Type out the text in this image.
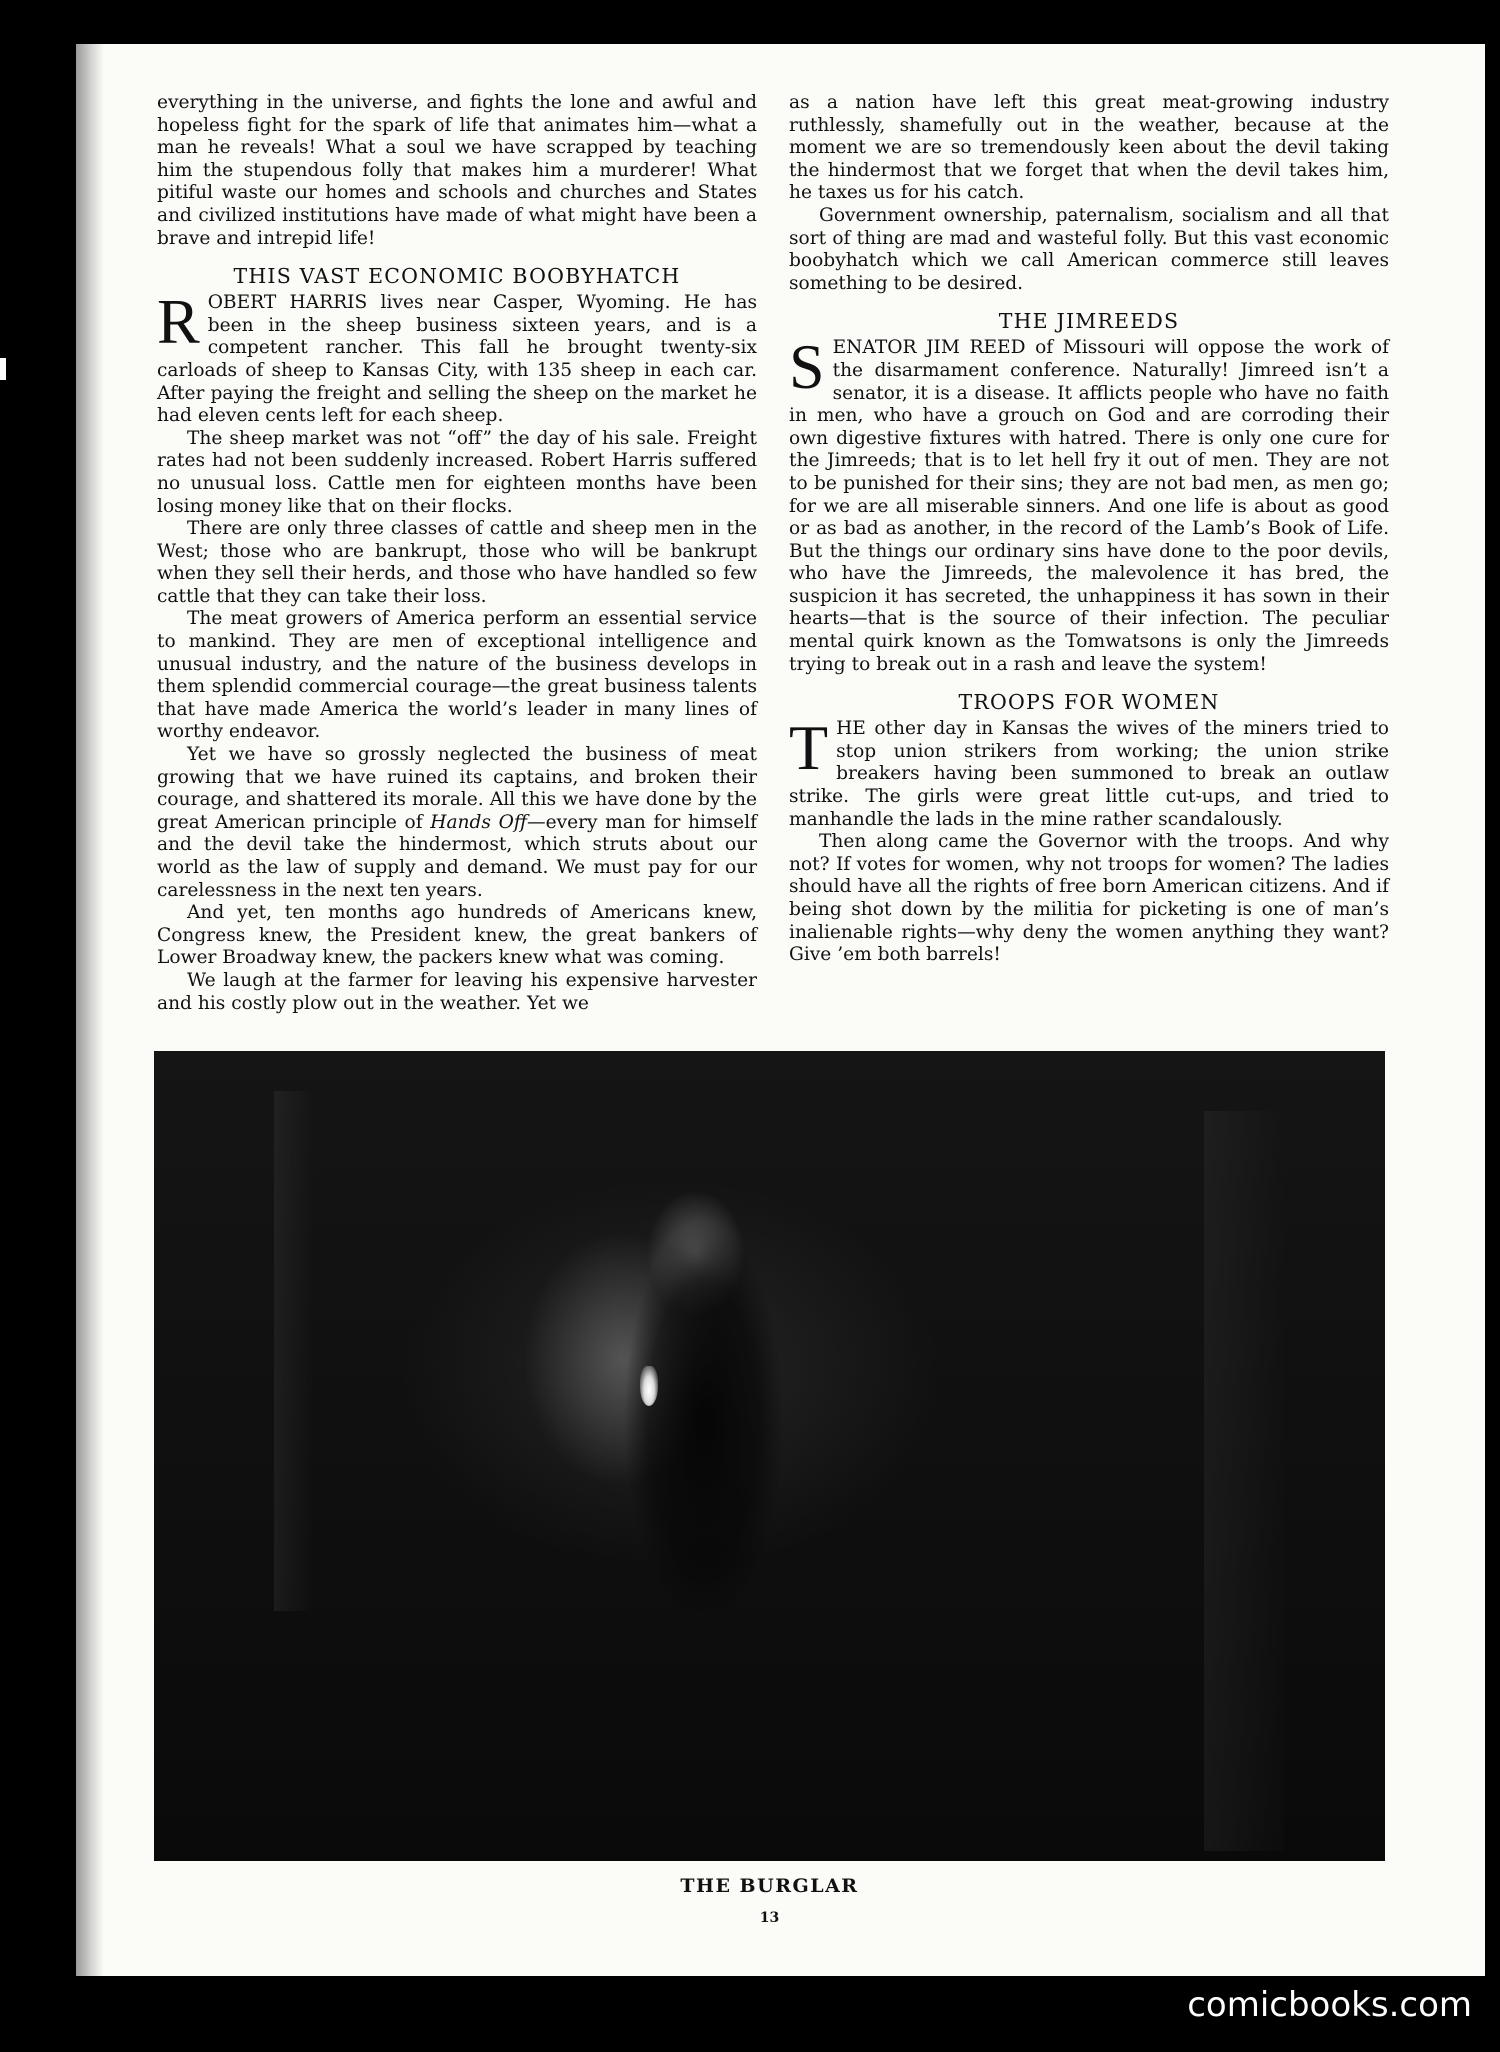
everything in the universe, and fights the lone and awful and hopeless fight for the spark of life that animates him—what a man he reveals! What a soul we have scrapped by teaching him the stupendous folly that makes him a murderer! What pitiful waste our homes and schools and churches and States and civilized institutions have made of what might have been a brave and intrepid life!

THIS VAST ECONOMIC BOOBYHATCH

ROBERT HARRIS lives near Casper, Wyoming. He has been in the sheep business sixteen years, and is a competent rancher. This fall he brought twenty-six carloads of sheep to Kansas City, with 135 sheep in each car. After paying the freight and selling the sheep on the market he had eleven cents left for each sheep.

The sheep market was not “off” the day of his sale. Freight rates had not been suddenly increased. Robert Harris suffered no unusual loss. Cattle men for eighteen months have been losing money like that on their flocks.

There are only three classes of cattle and sheep men in the West; those who are bankrupt, those who will be bankrupt when they sell their herds, and those who have handled so few cattle that they can take their loss.

The meat growers of America perform an essential service to mankind. They are men of exceptional intelligence and unusual industry, and the nature of the business develops in them splendid commercial courage—the great business talents that have made America the world’s leader in many lines of worthy endeavor.

Yet we have so grossly neglected the business of meat growing that we have ruined its captains, and broken their courage, and shattered its morale. All this we have done by the great American principle of Hands Off—every man for himself and the devil take the hindermost, which struts about our world as the law of supply and demand. We must pay for our carelessness in the next ten years.

And yet, ten months ago hundreds of Americans knew, Congress knew, the President knew, the great bankers of Lower Broadway knew, the packers knew what was coming.

We laugh at the farmer for leaving his expensive harvester and his costly plow out in the weather. Yet we

as a nation have left this great meat-growing industry ruthlessly, shamefully out in the weather, because at the moment we are so tremendously keen about the devil taking the hindermost that we forget that when the devil takes him, he taxes us for his catch.

Government ownership, paternalism, socialism and all that sort of thing are mad and wasteful folly. But this vast economic boobyhatch which we call American commerce still leaves something to be desired.

THE JIMREEDS

SENATOR JIM REED of Missouri will oppose the work of the disarmament conference. Naturally! Jimreed isn’t a senator, it is a disease. It afflicts people who have no faith in men, who have a grouch on God and are corroding their own digestive fixtures with hatred. There is only one cure for the Jimreeds; that is to let hell fry it out of men. They are not to be punished for their sins; they are not bad men, as men go; for we are all miserable sinners. And one life is about as good or as bad as another, in the record of the Lamb’s Book of Life. But the things our ordinary sins have done to the poor devils, who have the Jimreeds, the malevolence it has bred, the suspicion it has secreted, the unhappiness it has sown in their hearts—that is the source of their infection. The peculiar mental quirk known as the Tomwatsons is only the Jimreeds trying to break out in a rash and leave the system!

TROOPS FOR WOMEN

THE other day in Kansas the wives of the miners tried to stop union strikers from working; the union strike breakers having been summoned to break an outlaw strike. The girls were great little cut-ups, and tried to manhandle the lads in the mine rather scandalously.

Then along came the Governor with the troops. And why not? If votes for women, why not troops for women? The ladies should have all the rights of free born American citizens. And if being shot down by the militia for picketing is one of man’s inalienable rights—why deny the women anything they want? Give ’em both barrels!

THE BURGLAR
13
comicbooks.com
